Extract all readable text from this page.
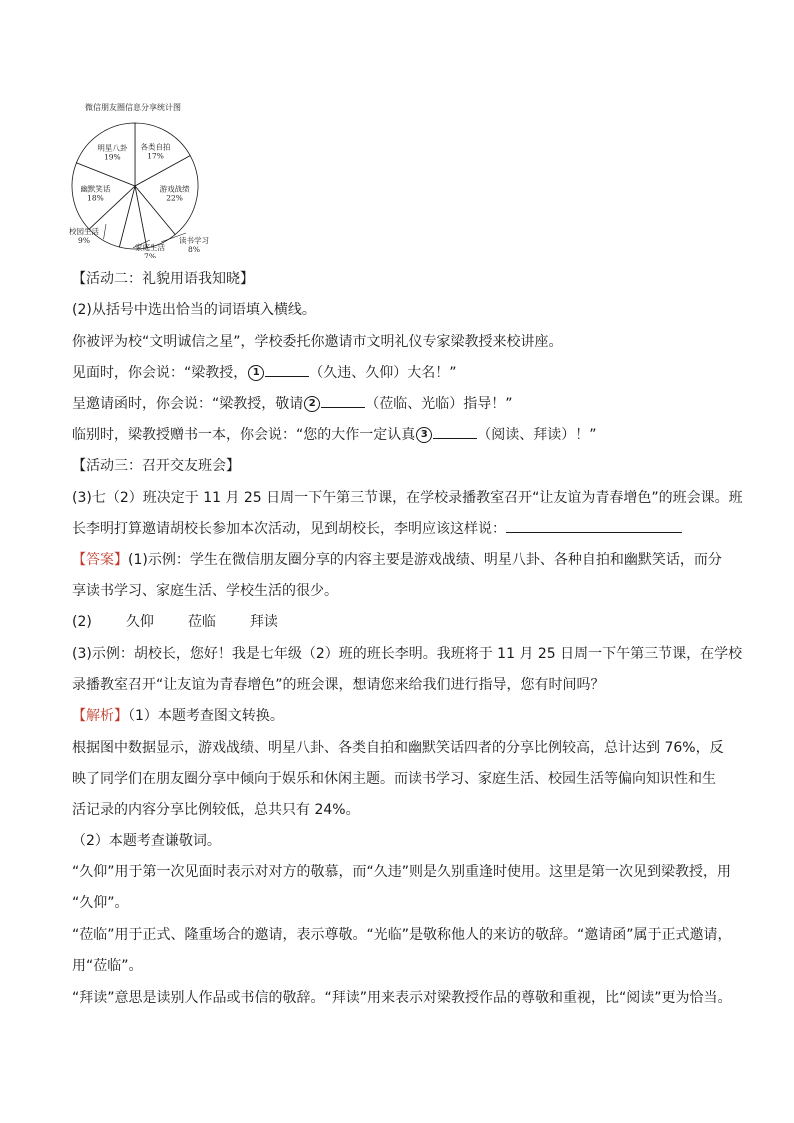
微信朋友圈信息分享统计图
各类自拍
17%
游戏战绩
22%
读书学习
8%
家庭生活
7%
校园生活
9%
幽默笑话
18%
明星八卦
19%
【活动二：礼貌用语我知晓】
(2)从括号中选出恰当的词语填入横线。
你被评为校“文明诚信之星”，学校委托你邀请市文明礼仪专家梁教授来校讲座。
见面时，你会说：“梁教授， 1	（久违、久仰）大名！”
呈邀请函时，你会说：“梁教授，敬请 2	（莅临、光临）指导！”
临别时，梁教授赠书一本，你会说：“您的大作一定认真 3	（阅读、拜读）！”
【活动三：召开交友班会】
(3)七（2）班决定于 11 月 25 日周一下午第三节课，在学校录播教室召开“让友谊为青春增色”的班会课。班
长李明打算邀请胡校长参加本次活动，见到胡校长，李明应该这样说：
【答案】(1)示例：学生在微信朋友圈分享的内容主要是游戏战绩、明星八卦、各种自拍和幽默笑话，而分
享读书学习、家庭生活、学校生活的很少。
(2) 久仰 莅临 拜读
(3)示例：胡校长，您好！我是七年级（2）班的班长李明。我班将于 11 月 25 日周一下午第三节课，在学校
录播教室召开“让友谊为青春增色”的班会课，想请您来给我们进行指导，您有时间吗？
【解析】（1）本题考查图文转换。
根据图中数据显示，游戏战绩、明星八卦、各类自拍和幽默笑话四者的分享比例较高，总计达到 76%，反
映了同学们在朋友圈分享中倾向于娱乐和休闲主题。而读书学习、家庭生活、校园生活等偏向知识性和生
活记录的内容分享比例较低，总共只有 24%。
（2）本题考查谦敬词。
“久仰”用于第一次见面时表示对对方的敬慕，而“久违”则是久别重逢时使用。这里是第一次见到梁教授，用
“久仰”。
“莅临”用于正式、隆重场合的邀请，表示尊敬。“光临”是敬称他人的来访的敬辞。“邀请函”属于正式邀请，
用“莅临”。
“拜读”意思是读别人作品或书信的敬辞。“拜读”用来表示对梁教授作品的尊敬和重视，比“阅读”更为恰当。
